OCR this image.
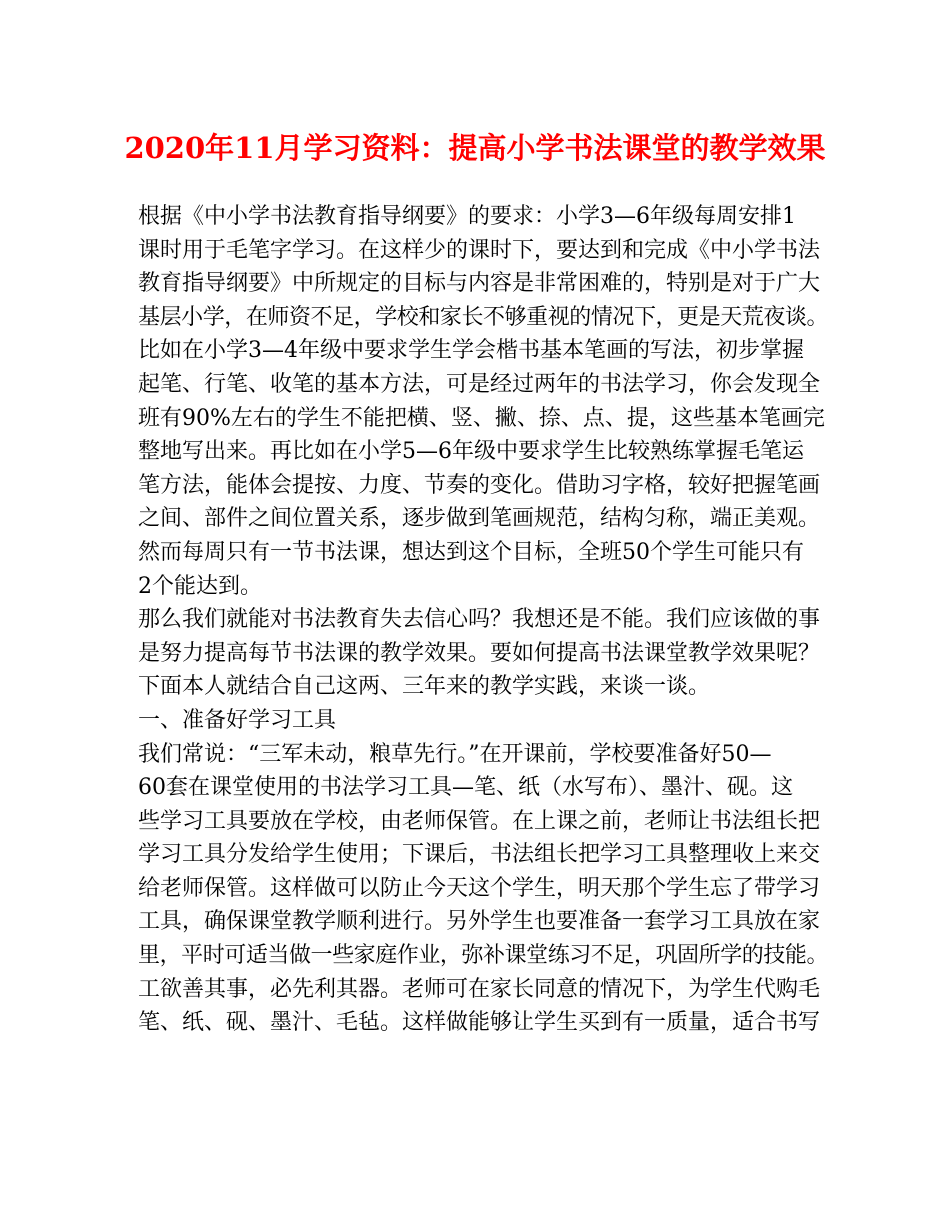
2020年11月学习资料：提高小学书法课堂的教学效果
根据《中小学书法教育指导纲要》的要求：小学3—6年级每周安排1
课时用于毛笔字学习。在这样少的课时下，要达到和完成《中小学书法
教育指导纲要》中所规定的目标与内容是非常困难的，特别是对于广大
基层小学，在师资不足，学校和家长不够重视的情况下，更是天荒夜谈。
比如在小学3—4年级中要求学生学会楷书基本笔画的写法，初步掌握
起笔、行笔、收笔的基本方法，可是经过两年的书法学习，你会发现全
班有90%左右的学生不能把横、竖、撇、捺、点、提，这些基本笔画完
整地写出来。再比如在小学5—6年级中要求学生比较熟练掌握毛笔运
笔方法，能体会提按、力度、节奏的变化。借助习字格，较好把握笔画
之间、部件之间位置关系，逐步做到笔画规范，结构匀称，端正美观。
然而每周只有一节书法课，想达到这个目标，全班50个学生可能只有
2个能达到。
那么我们就能对书法教育失去信心吗？我想还是不能。我们应该做的事
是努力提高每节书法课的教学效果。要如何提高书法课堂教学效果呢？
下面本人就结合自己这两、三年来的教学实践，来谈一谈。
一、准备好学习工具
我们常说：“三军未动，粮草先行。”在开课前，学校要准备好50—
60套在课堂使用的书法学习工具—笔、纸（水写布）、墨汁、砚。这
些学习工具要放在学校，由老师保管。在上课之前，老师让书法组长把
学习工具分发给学生使用；下课后，书法组长把学习工具整理收上来交
给老师保管。这样做可以防止今天这个学生，明天那个学生忘了带学习
工具，确保课堂教学顺利进行。另外学生也要准备一套学习工具放在家
里，平时可适当做一些家庭作业，弥补课堂练习不足，巩固所学的技能。
工欲善其事，必先利其器。老师可在家长同意的情况下，为学生代购毛
笔、纸、砚、墨汁、毛毡。这样做能够让学生买到有一质量，适合书写
